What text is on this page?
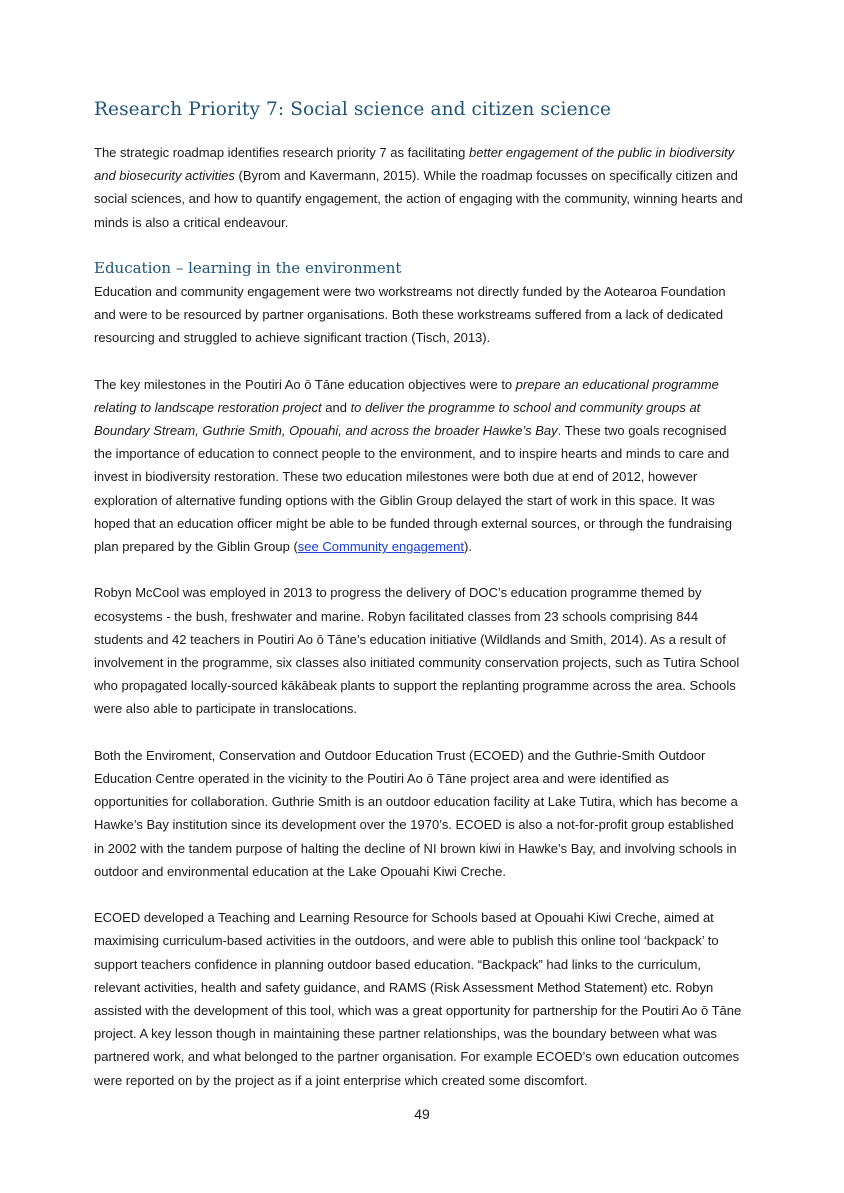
Research Priority 7: Social science and citizen science

The strategic roadmap identifies research priority 7 as facilitating better engagement of the public in biodiversity and biosecurity activities (Byrom and Kavermann, 2015). While the roadmap focusses on specifically citizen and social sciences, and how to quantify engagement, the action of engaging with the community, winning hearts and minds is also a critical endeavour.

Education – learning in the environment

Education and community engagement were two workstreams not directly funded by the Aotearoa Foundation and were to be resourced by partner organisations. Both these workstreams suffered from a lack of dedicated resourcing and struggled to achieve significant traction (Tisch, 2013).

The key milestones in the Poutiri Ao ō Tāne education objectives were to prepare an educational programme relating to landscape restoration project and to deliver the programme to school and community groups at Boundary Stream, Guthrie Smith, Opouahi, and across the broader Hawke’s Bay. These two goals recognised the importance of education to connect people to the environment, and to inspire hearts and minds to care and invest in biodiversity restoration. These two education milestones were both due at end of 2012, however exploration of alternative funding options with the Giblin Group delayed the start of work in this space. It was hoped that an education officer might be able to be funded through external sources, or through the fundraising plan prepared by the Giblin Group (see Community engagement).

Robyn McCool was employed in 2013 to progress the delivery of DOC’s education programme themed by ecosystems - the bush, freshwater and marine. Robyn facilitated classes from 23 schools comprising 844 students and 42 teachers in Poutiri Ao ō Tāne’s education initiative (Wildlands and Smith, 2014). As a result of involvement in the programme, six classes also initiated community conservation projects, such as Tutira School who propagated locally-sourced kākābeak plants to support the replanting programme across the area. Schools were also able to participate in translocations.

Both the Enviroment, Conservation and Outdoor Education Trust (ECOED) and the Guthrie-Smith Outdoor Education Centre operated in the vicinity to the Poutiri Ao ō Tāne project area and were identified as opportunities for collaboration. Guthrie Smith is an outdoor education facility at Lake Tutira, which has become a Hawke’s Bay institution since its development over the 1970’s. ECOED is also a not-for-profit group established in 2002 with the tandem purpose of halting the decline of NI brown kiwi in Hawke’s Bay, and involving schools in outdoor and environmental education at the Lake Opouahi Kiwi Creche.

ECOED developed a Teaching and Learning Resource for Schools based at Opouahi Kiwi Creche, aimed at maximising curriculum-based activities in the outdoors, and were able to publish this online tool ‘backpack’ to support teachers confidence in planning outdoor based education. “Backpack” had links to the curriculum, relevant activities, health and safety guidance, and RAMS (Risk Assessment Method Statement) etc. Robyn assisted with the development of this tool, which was a great opportunity for partnership for the Poutiri Ao ō Tāne project. A key lesson though in maintaining these partner relationships, was the boundary between what was partnered work, and what belonged to the partner organisation. For example ECOED’s own education outcomes were reported on by the project as if a joint enterprise which created some discomfort.

49
